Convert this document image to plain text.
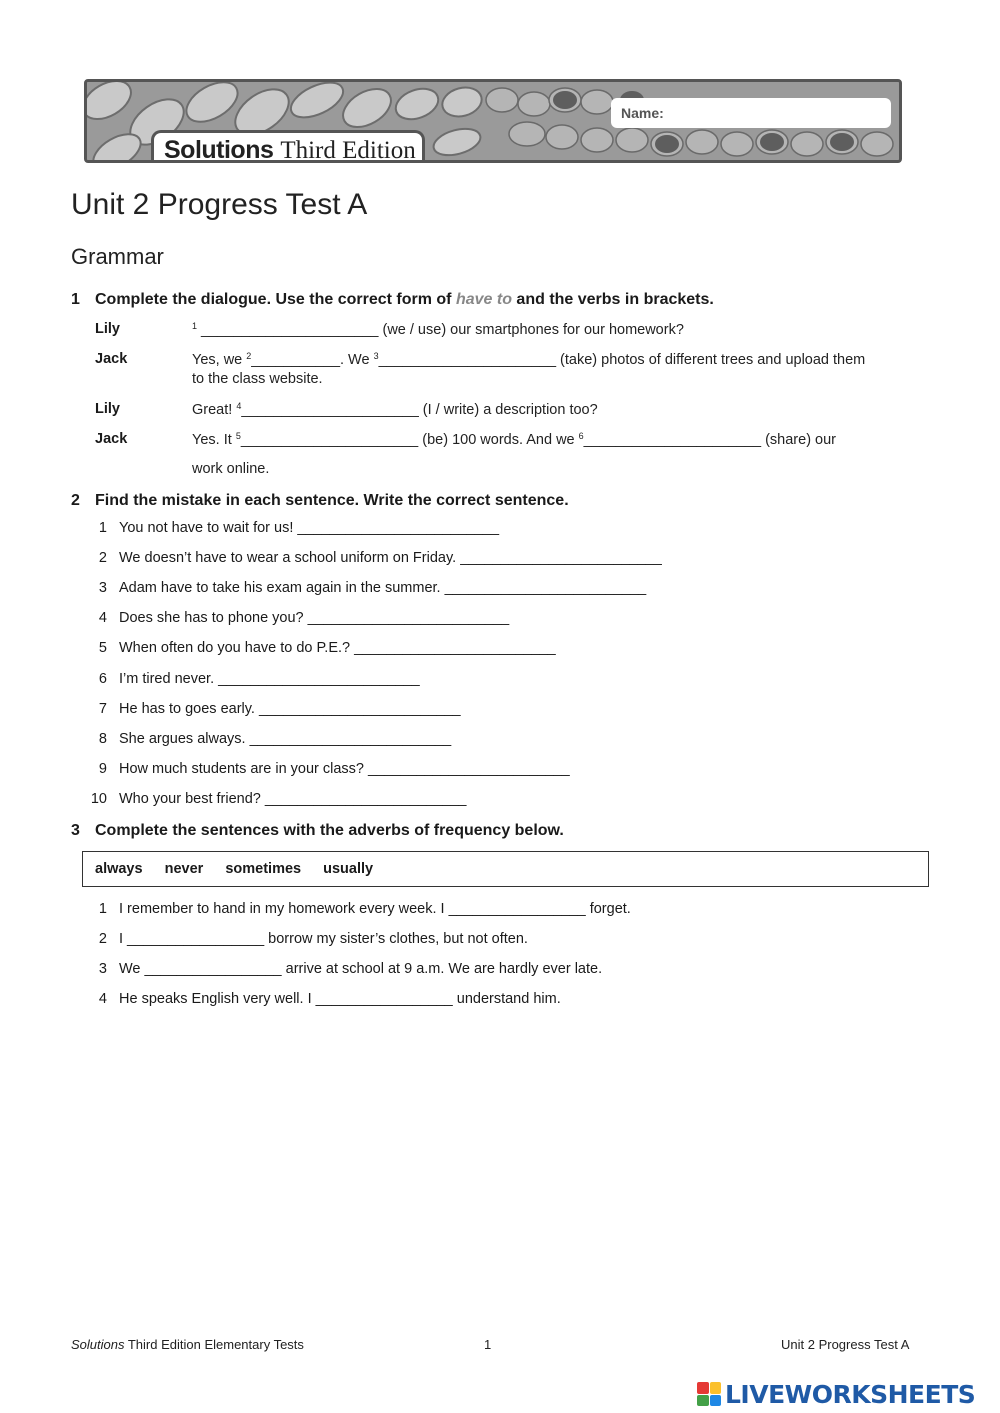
Name:
Solutions Third Edition
Unit 2 Progress Test A
Grammar
1 Complete the dialogue. Use the correct form of have to and the verbs in brackets.
Lily	$^1$ ______________________ (we / use) our smartphones for our homework?
Jack	Yes, we $^2$___________. We $^3$______________________ (take) photos of different trees and upload them
to the class website.
Lily	Great! $^4$______________________ (I / write) a description too?
Jack	Yes. It $^5$______________________ (be) 100 words. And we $^6$______________________ (share) our
work online.
2 Find the mistake in each sentence. Write the correct sentence.
1 You not have to wait for us! _________________________
2 We doesn’t have to wear a school uniform on Friday. _________________________
3 Adam have to take his exam again in the summer. _________________________
4 Does she has to phone you? _________________________
5 When often do you have to do P.E.? _________________________
6 I’m tired never. _________________________
7 He has to goes early. _________________________
8 She argues always. _________________________
9 How much students are in your class? _________________________
10 Who your best friend? _________________________
3 Complete the sentences with the adverbs of frequency below.
always never sometimes usually
1 I remember to hand in my homework every week. I _________________ forget.
2 I _________________ borrow my sister’s clothes, but not often.
3 We _________________ arrive at school at 9 a.m. We are hardly ever late.
4 He speaks English very well. I _________________ understand him.
Solutions Third Edition Elementary Tests	1	Unit 2 Progress Test A
LIVEWORKSHEETS
